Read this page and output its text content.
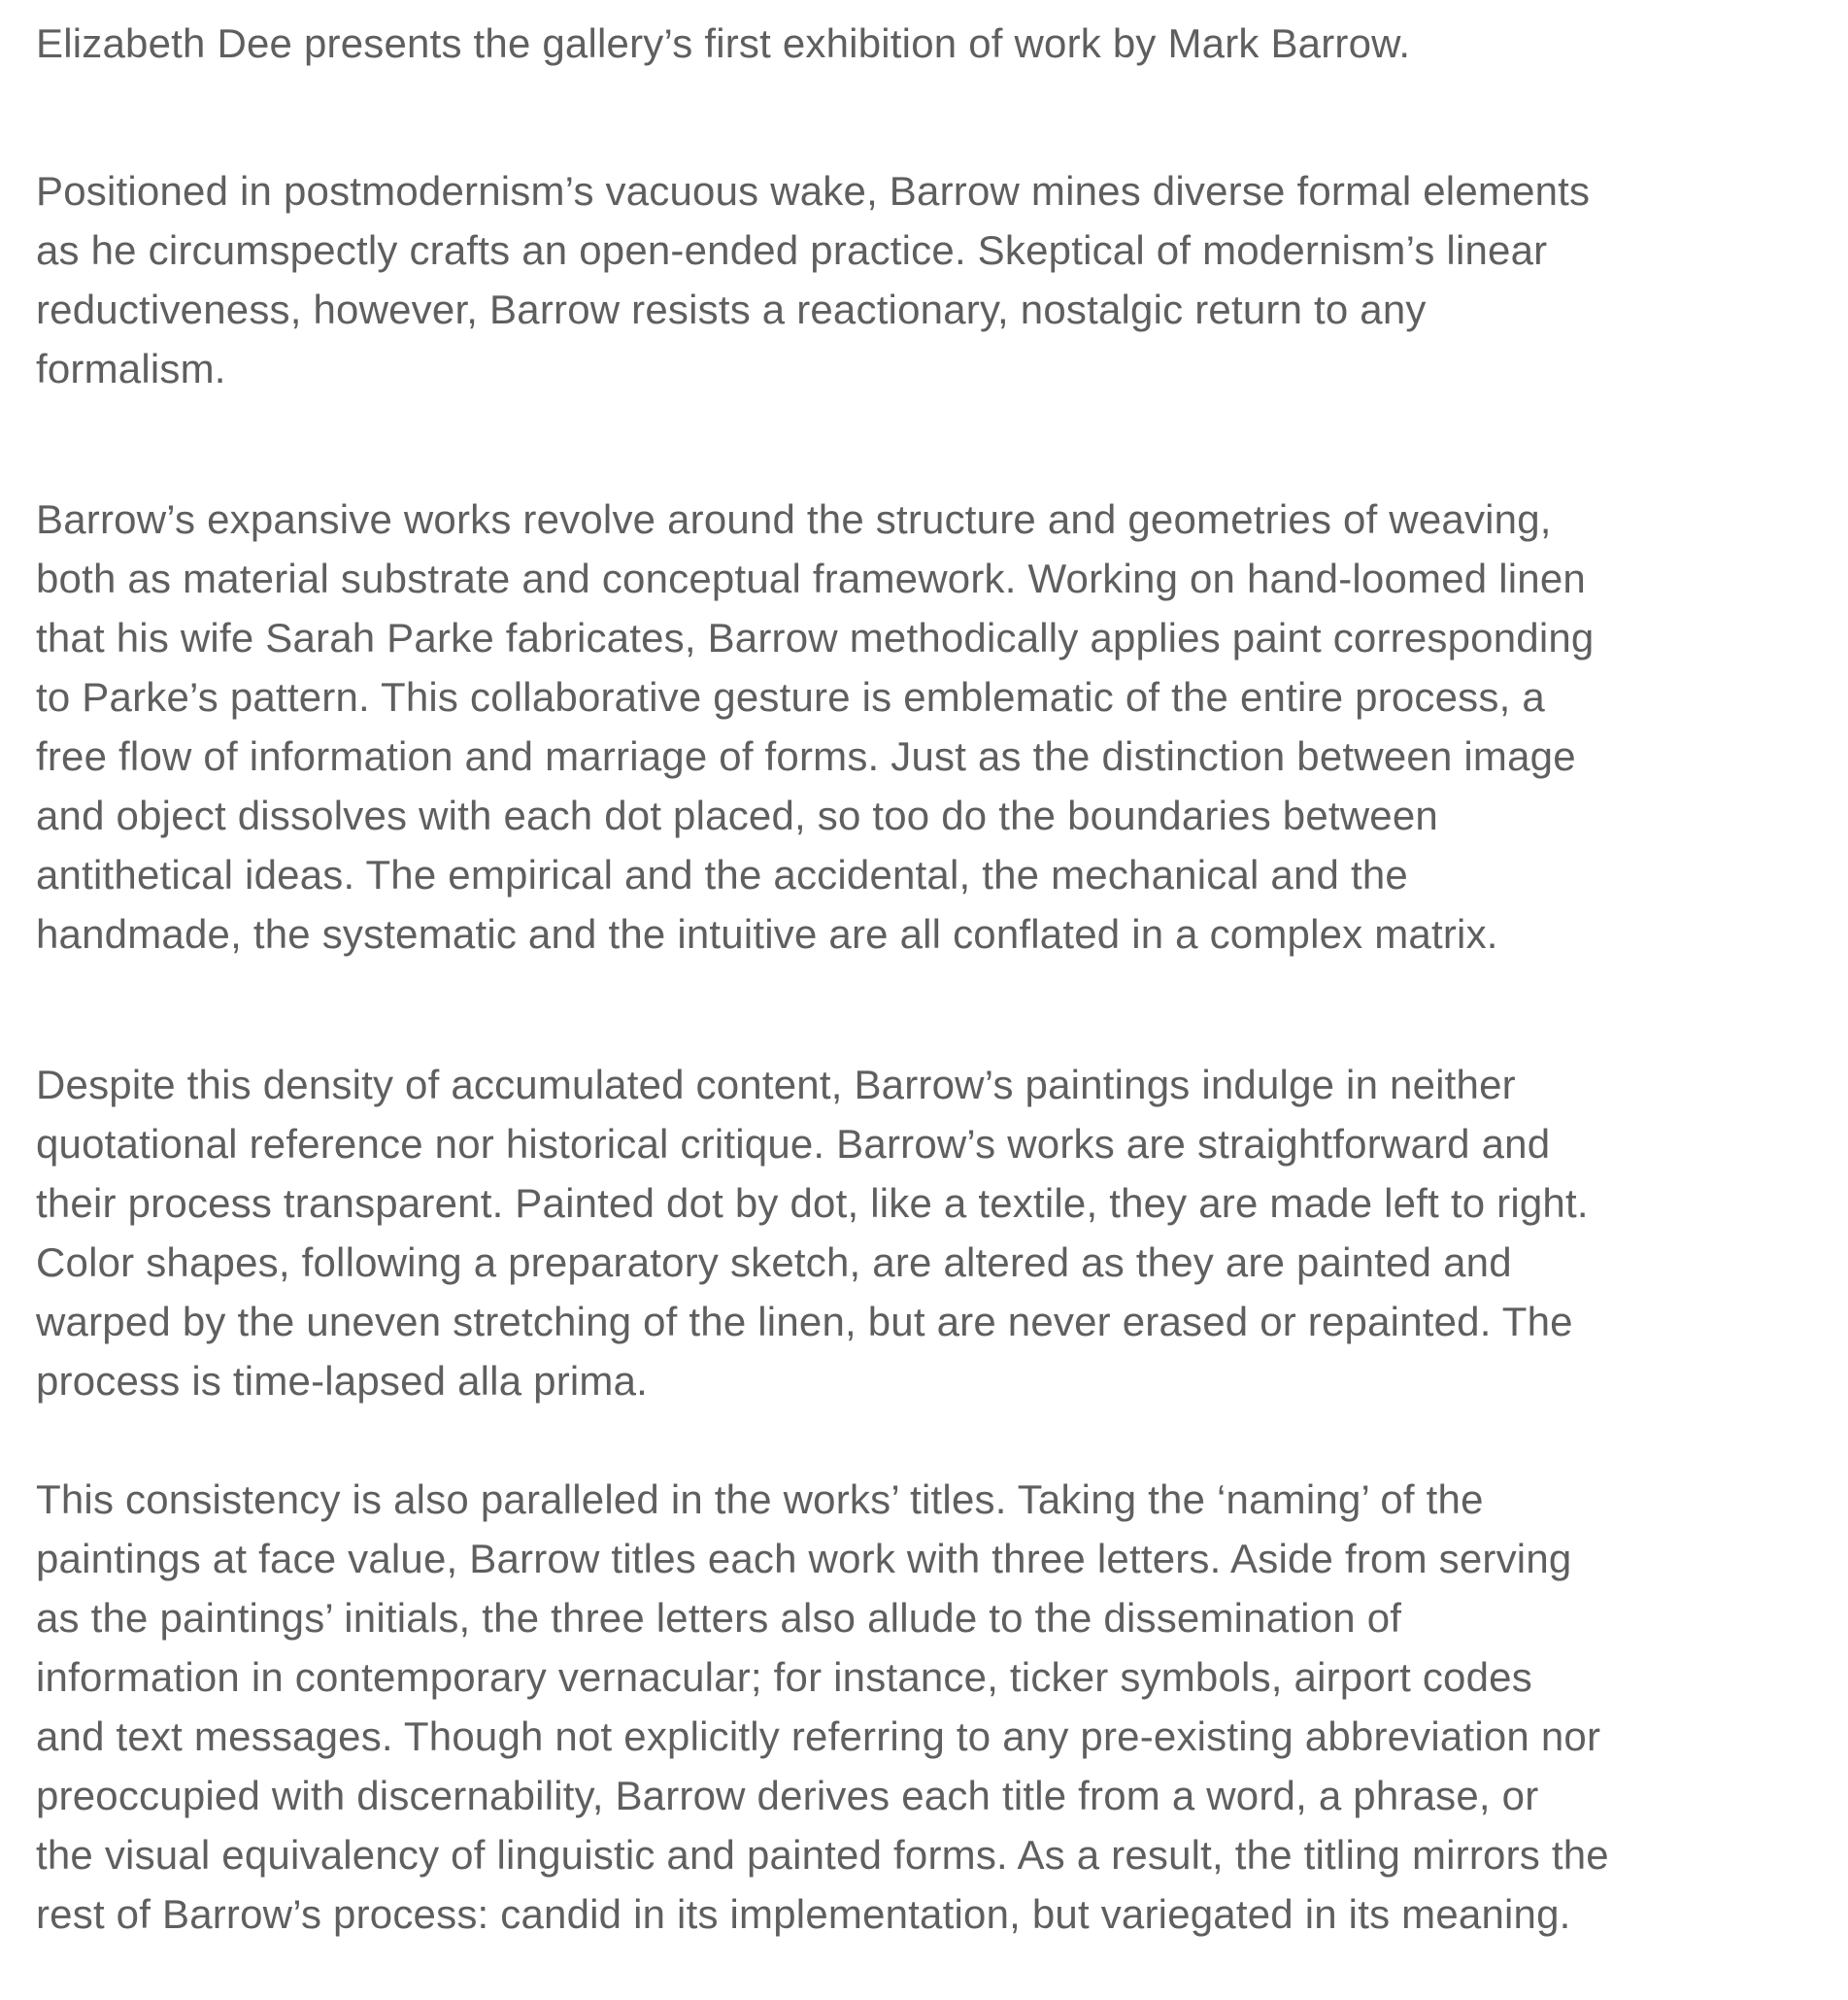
Elizabeth Dee presents the gallery’s first exhibition of work by Mark Barrow.

Positioned in postmodernism’s vacuous wake, Barrow mines diverse formal elements
as he circumspectly crafts an open-ended practice. Skeptical of modernism’s linear
reductiveness, however, Barrow resists a reactionary, nostalgic return to any
formalism.

Barrow’s expansive works revolve around the structure and geometries of weaving,
both as material substrate and conceptual framework. Working on hand-loomed linen
that his wife Sarah Parke fabricates, Barrow methodically applies paint corresponding
to Parke’s pattern. This collaborative gesture is emblematic of the entire process, a
free flow of information and marriage of forms. Just as the distinction between image
and object dissolves with each dot placed, so too do the boundaries between
antithetical ideas. The empirical and the accidental, the mechanical and the
handmade, the systematic and the intuitive are all conflated in a complex matrix.

Despite this density of accumulated content, Barrow’s paintings indulge in neither
quotational reference nor historical critique. Barrow’s works are straightforward and
their process transparent. Painted dot by dot, like a textile, they are made left to right.
Color shapes, following a preparatory sketch, are altered as they are painted and
warped by the uneven stretching of the linen, but are never erased or repainted. The
process is time-lapsed alla prima.

This consistency is also paralleled in the works’ titles. Taking the ‘naming’ of the
paintings at face value, Barrow titles each work with three letters. Aside from serving
as the paintings’ initials, the three letters also allude to the dissemination of
information in contemporary vernacular; for instance, ticker symbols, airport codes
and text messages. Though not explicitly referring to any pre-existing abbreviation nor
preoccupied with discernability, Barrow derives each title from a word, a phrase, or
the visual equivalency of linguistic and painted forms. As a result, the titling mirrors the
rest of Barrow’s process: candid in its implementation, but variegated in its meaning.
